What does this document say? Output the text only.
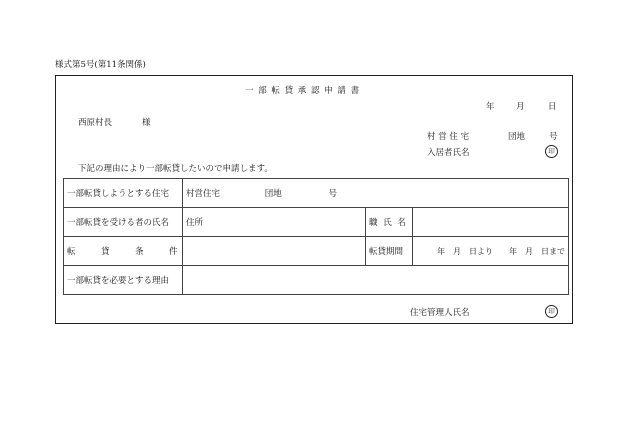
様式第5号(第11条関係)
一 部 転 貸 承 認 申 請 書
年	月	日
西原村長	様
村 営 住 宅	団地	号
入居者氏名	印
下記の理由により一部転貸したいので申請します。
一部転貸しようとする住宅	村営住宅 団地 号		
一部転貸を受ける者の氏名	住所	職 氏 名	
転　　　貸　　　条　　　件		転貸期間	年　月　日より　　年　月　日まで
一部転貸を必要とする理由			
住宅管理人氏名	印
